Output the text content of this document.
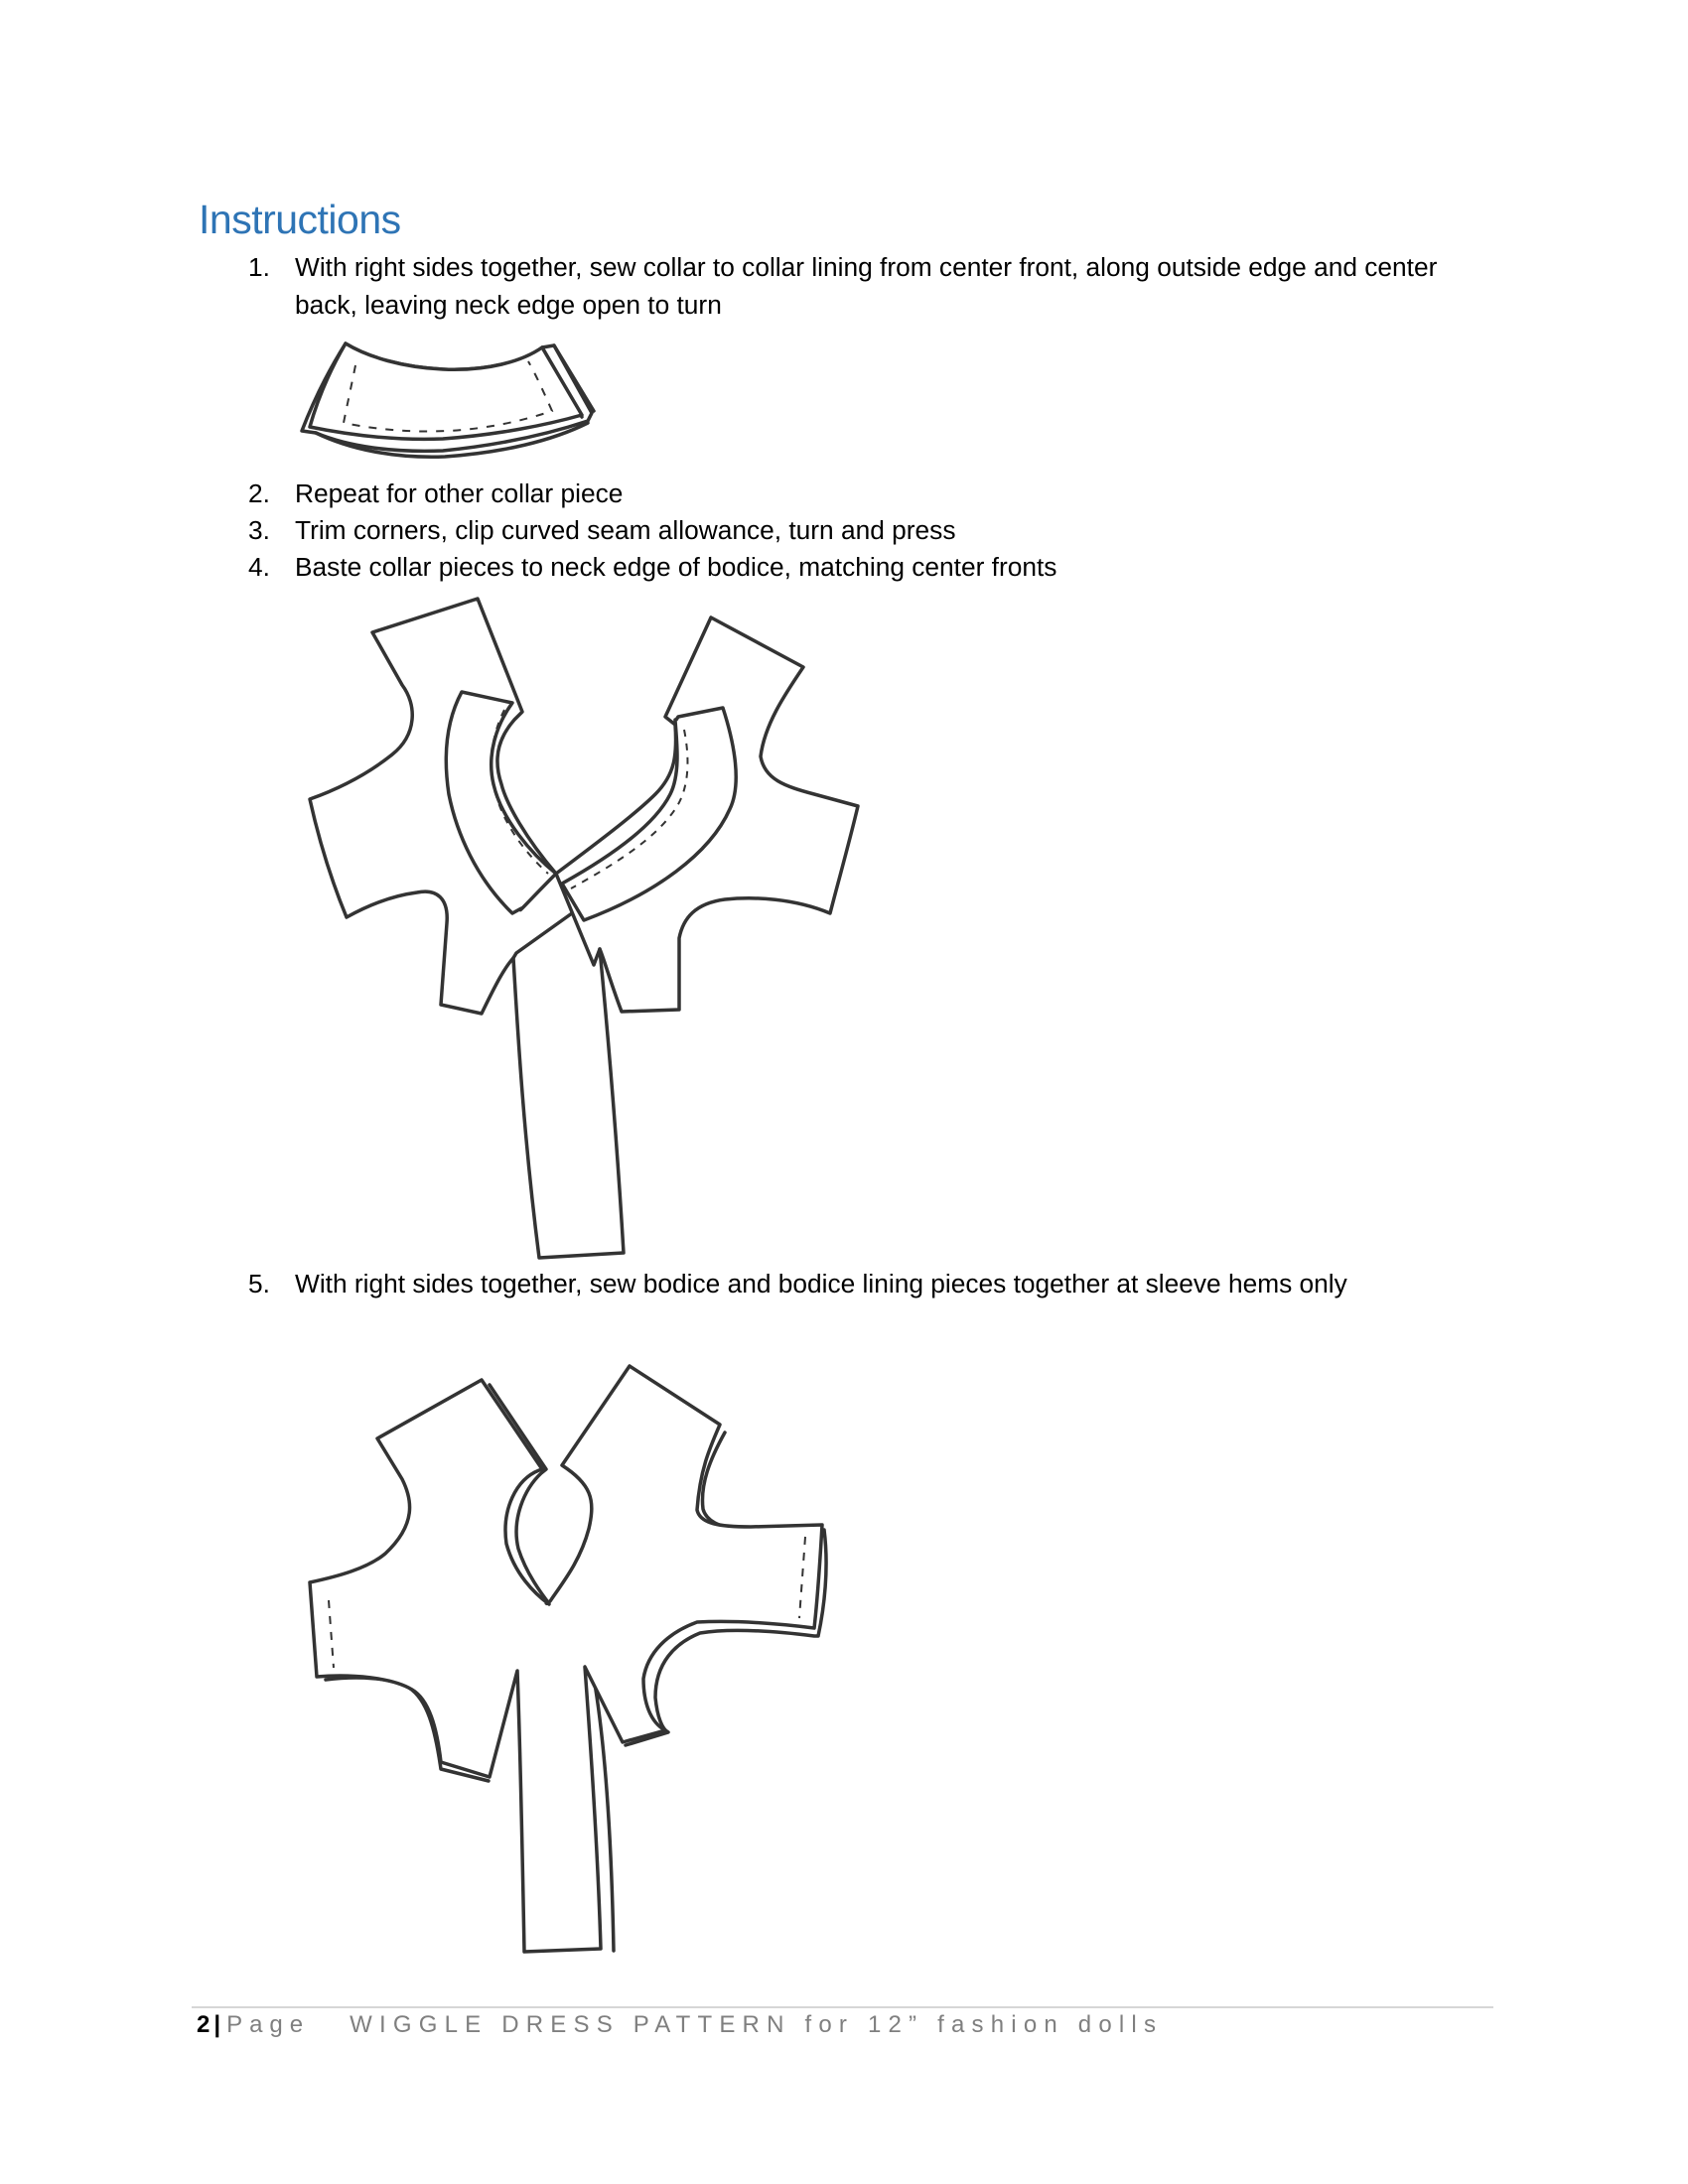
Instructions
1. With right sides together, sew collar to collar lining from center front, along outside edge and center back, leaving neck edge open to turn
2. Repeat for other collar piece
3. Trim corners, clip curved seam allowance, turn and press
4. Baste collar pieces to neck edge of bodice, matching center fronts
5. With right sides together, sew bodice and bodice lining pieces together at sleeve hems only
2 | Page WIGGLE DRESS PATTERN for 12” fashion dolls
